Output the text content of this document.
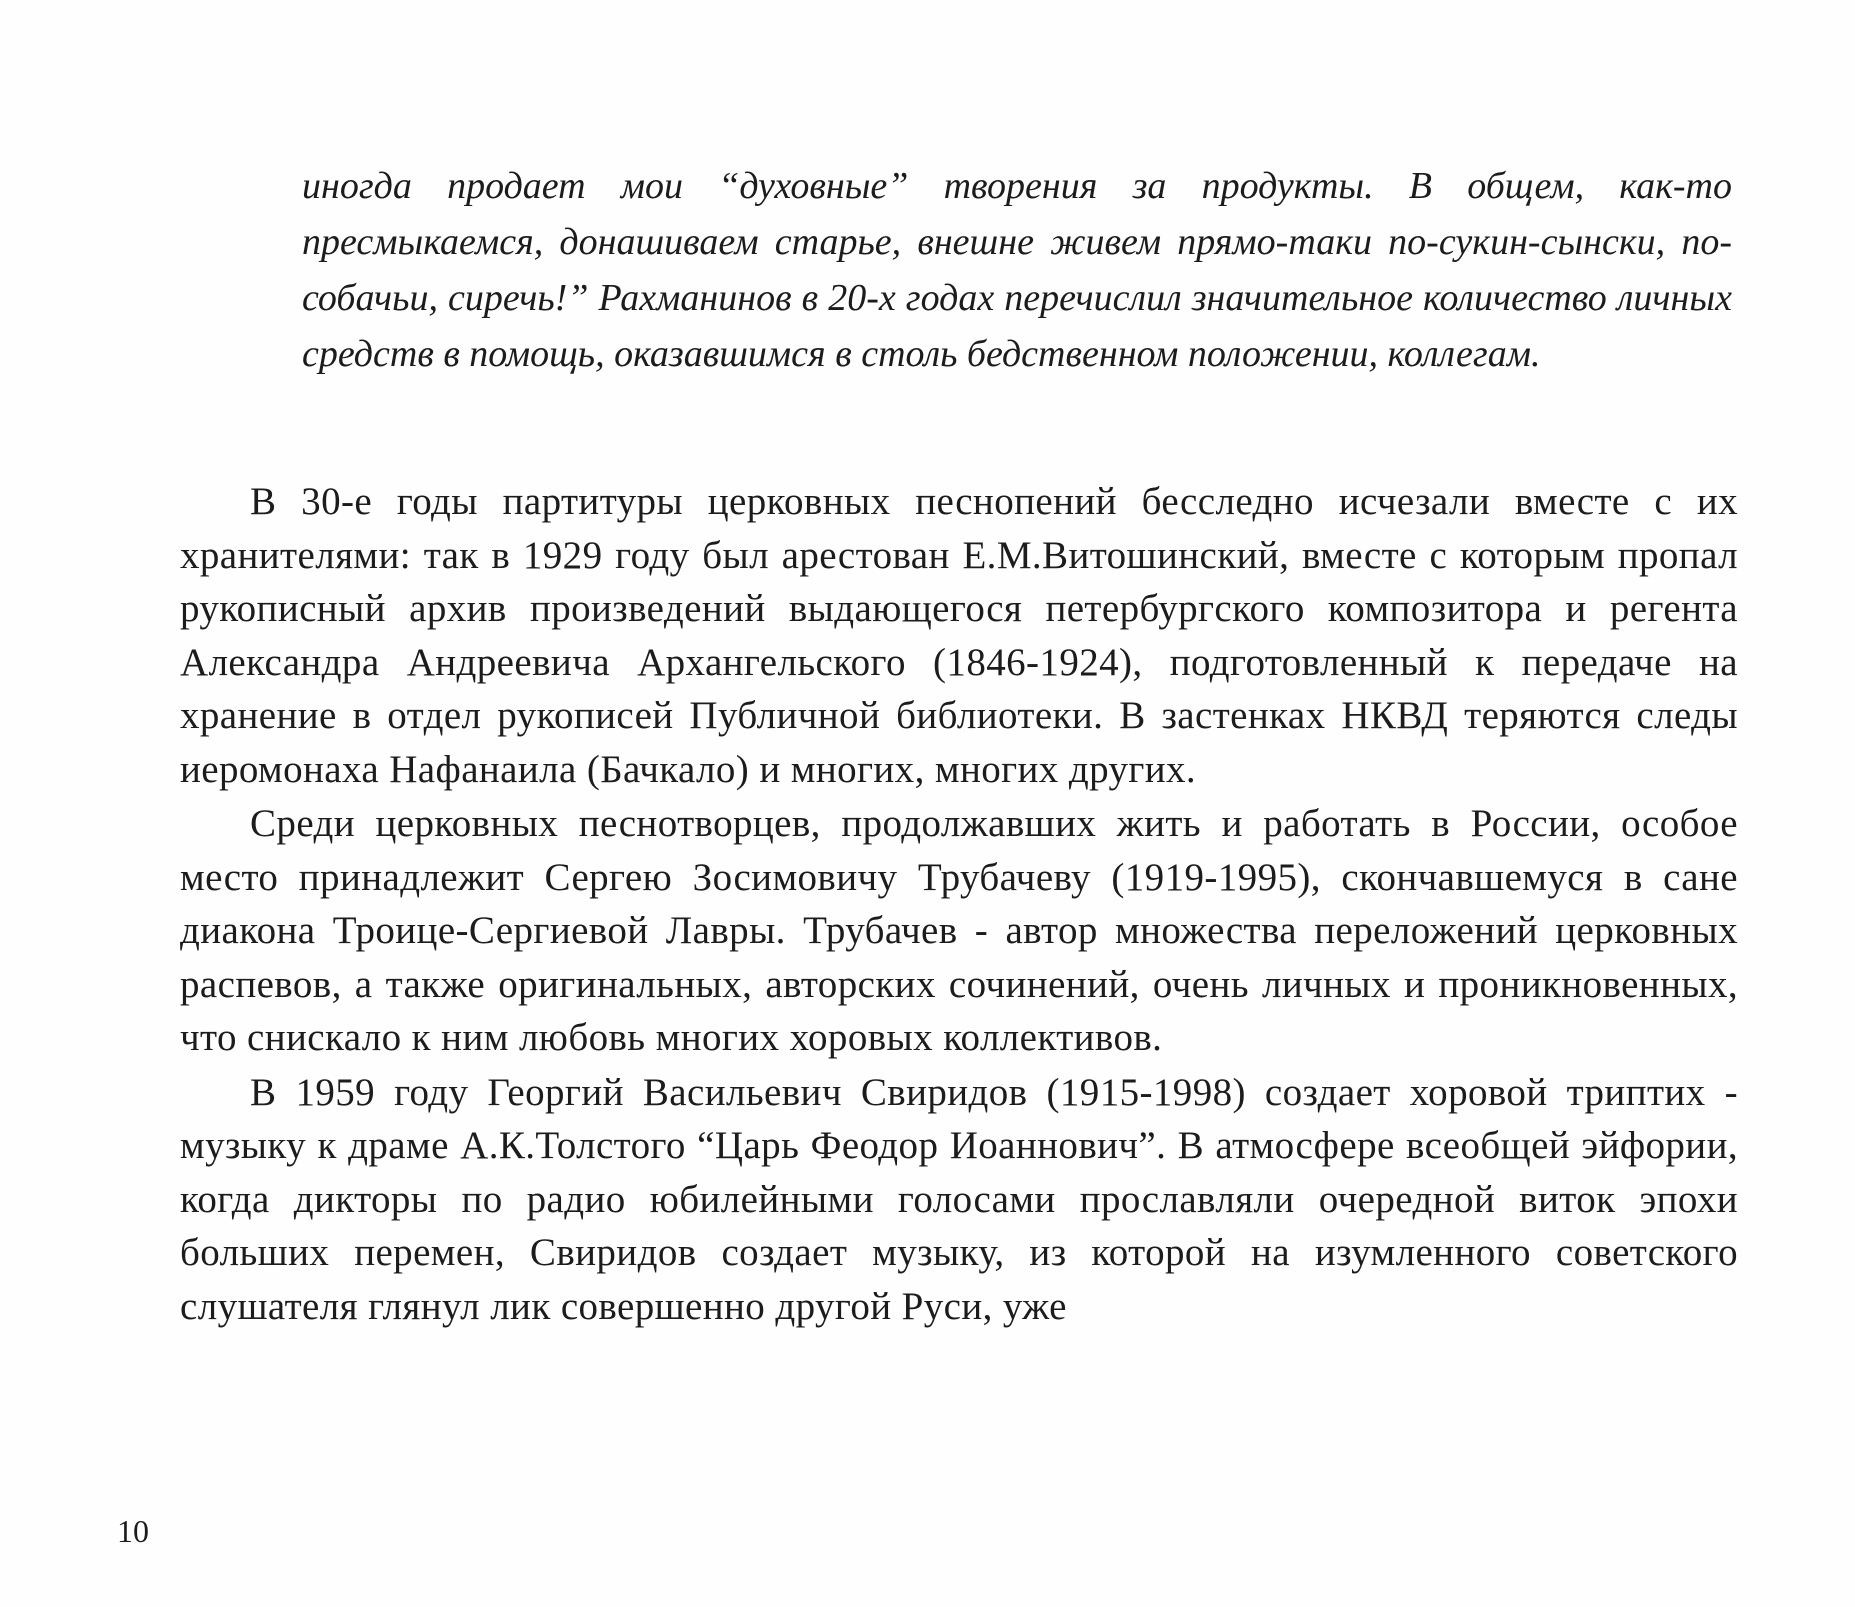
иногда продает мои “духовные” творения за продукты. В общем, как-то пресмыкаемся, донашиваем старье, внешне живем прямо-таки по-сукин-сынски, по-собачьи, сиречь!” Рахманинов в 20-х годах перечислил значительное количество личных средств в помощь, оказавшимся в столь бедственном положении, коллегам.

В 30-е годы партитуры церковных песнопений бесследно исчезали вместе с их хранителями: так в 1929 году был арестован Е.М.Витошинский, вместе с которым пропал рукописный архив произведений выдающегося петербургского композитора и регента Александра Андреевича Архангельского (1846-1924), подготовленный к передаче на хранение в отдел рукописей Публичной библиотеки. В застенках НКВД теряются следы иеромонаха Нафанаила (Бачкало) и многих, многих других.

Среди церковных песнотворцев, продолжавших жить и работать в России, особое место принадлежит Сергею Зосимовичу Трубачеву (1919-1995), скончавшемуся в сане диакона Троице-Сергиевой Лавры. Трубачев - автор множества переложений церковных распевов, а также оригинальных, авторских сочинений, очень личных и проникновенных, что снискало к ним любовь многих хоровых коллективов.

В 1959 году Георгий Васильевич Свиридов (1915-1998) создает хоровой триптих - музыку к драме А.К.Толстого “Царь Феодор Иоаннович”. В атмосфере всеобщей эйфории, когда дикторы по радио юбилейными голосами прославляли очередной виток эпохи больших перемен, Свиридов создает музыку, из которой на изумленного советского слушателя глянул лик совершенно другой Руси, уже

10
